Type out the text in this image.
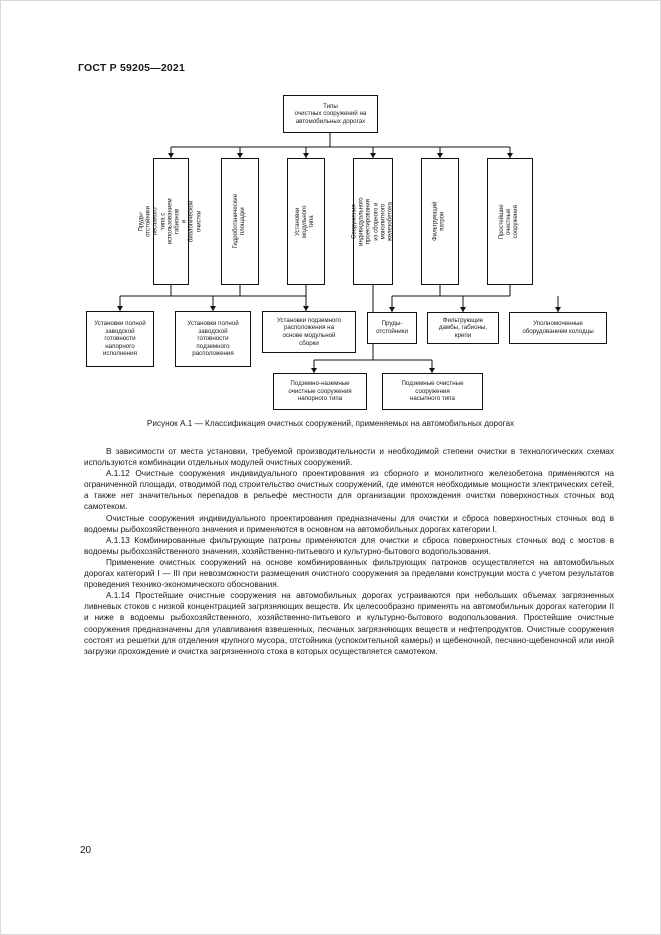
ГОСТ Р 59205—2021
Типы
очистных сооружений на
автомобильных дорогах
Пруды-отстойники песчаного
типа с использованием габионов
и биологической очистки	Гидроботанические площадки	Установки модульного типа	Сооружения индивидуального
проектирования из сборного и
монолитного железобетона	Фильтрующий патрон	Простейшие
очистные сооружения
Установки полной
заводской
готовности
напорного
исполнения
Установки полной
заводской
готовности
подземного
расположения
Установки подземного
расположения на
основе модульной
сборки
Пруды-
отстойники
Фильтрующие
дамбы, габионы,
крепи
Уполномоченные
оборудованием колодцы
Подземно-наземные
очистные сооружения
напорного типа
Подземные очистные
сооружения
насыпного типа
Рисунок А.1 — Классификация очистных сооружений, применяемых на автомобильных дорогах

В зависимости от места установки, требуемой производительности и необходимой степени очистки в технологических схемах используются комбинации отдельных модулей очистных сооружений.

А.1.12 Очистные сооружения индивидуального проектирования из сборного и монолитного железобетона применяются на ограниченной площади, отводимой под строительство очистных сооружений, где имеются необходимые мощности электрических сетей, а также нет значительных перепадов в рельефе местности для организации прохождения очистки поверхностных сточных вод самотеком.

Очистные сооружения индивидуального проектирования предназначены для очистки и сброса поверхностных сточных вод в водоемы рыбохозяйственного значения и применяются в основном на автомобильных дорогах категории I.

А.1.13 Комбинированные фильтрующие патроны применяются для очистки и сброса поверхностных сточных вод с мостов в водоемы рыбохозяйственного значения, хозяйственно-питьевого и культурно-бытового водопользования.

Применение очистных сооружений на основе комбинированных фильтрующих патронов осуществляется на автомобильных дорогах категорий I — III при невозможности размещения очистного сооружения за пределами конструкции моста с учетом результатов проведения технико-экономического обоснования.

А.1.14 Простейшие очистные сооружения на автомобильных дорогах устраиваются при небольших объемах загрязненных ливневых стоков с низкой концентрацией загрязняющих веществ. Их целесообразно применять на автомобильных дорогах категории II и ниже в водоемы рыбохозяйственного, хозяйственно-питьевого и культурно-бытового водопользования. Простейшие очистные сооружения предназначены для улавливания взвешенных, песчаных загрязняющих веществ и нефтепродуктов. Очистные сооружения состоят из решетки для отделения крупного мусора, отстойника (успокоительной камеры) и щебеночной, песчано-щебеночной или иной загрузки прохождение и очистка загрязненного стока в которых осуществляется самотеком.

20
